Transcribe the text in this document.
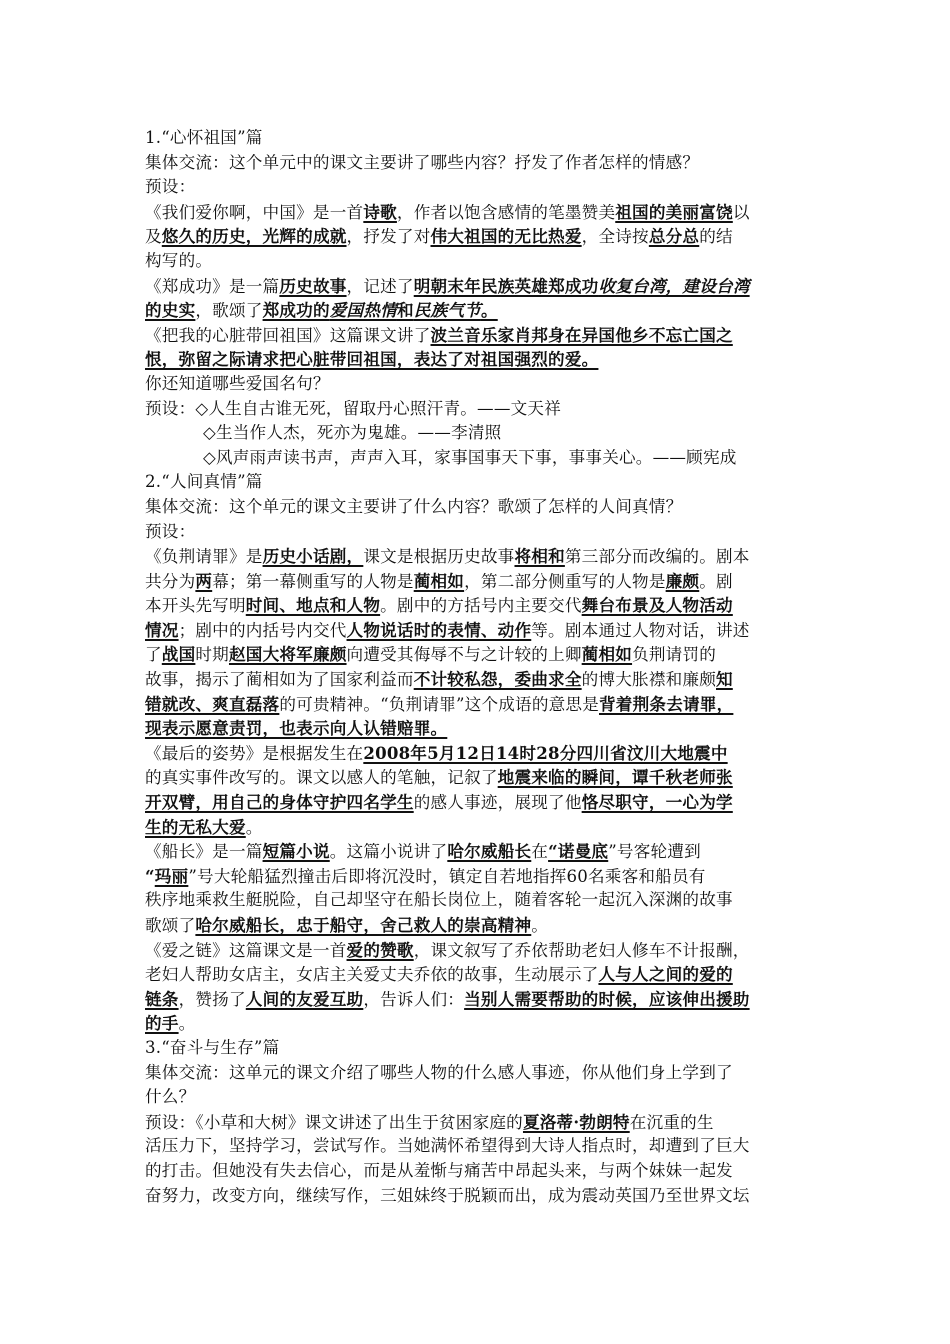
1.“心怀祖国”篇
集体交流：这个单元中的课文主要讲了哪些内容？抒发了作者怎样的情感？
预设：
《我们爱你啊，中国》是一首诗歌，作者以饱含感情的笔墨赞美祖国的美丽富饶以
及悠久的历史，光辉的成就，抒发了对伟大祖国的无比热爱，全诗按总分总的结
构写的。
《郑成功》是一篇历史故事，记述了明朝末年民族英雄郑成功收复台湾，建设台湾
的史实，歌颂了郑成功的爱国热情和民族气节。
《把我的心脏带回祖国》这篇课文讲了波兰音乐家肖邦身在异国他乡不忘亡国之
恨，弥留之际请求把心脏带回祖国，表达了对祖国强烈的爱。
你还知道哪些爱国名句？
预设：◇人生自古谁无死，留取丹心照汗青。——文天祥
◇生当作人杰，死亦为鬼雄。——李清照
◇风声雨声读书声，声声入耳，家事国事天下事，事事关心。——顾宪成
2.“人间真情”篇
集体交流：这个单元的课文主要讲了什么内容？歌颂了怎样的人间真情？
预设：
《负荆请罪》是历史小话剧，课文是根据历史故事将相和第三部分而改编的。剧本
共分为两幕；第一幕侧重写的人物是蔺相如，第二部分侧重写的人物是廉颇。剧
本开头先写明时间、地点和人物。剧中的方括号内主要交代舞台布景及人物活动
情况；剧中的内括号内交代人物说话时的表情、动作等。剧本通过人物对话，讲述
了战国时期赵国大将军廉颇向遭受其侮辱不与之计较的上卿蔺相如负荆请罚的
故事，揭示了蔺相如为了国家利益而不计较私怨，委曲求全的博大胀襟和廉颇知
错就改、爽直磊落的可贵精神。“负荆请罪”这个成语的意思是背着荆条去请罪，
现表示愿意责罚，也表示向人认错赔罪。
《最后的姿势》是根据发生在2008年5月12日14时28分四川省汶川大地震中
的真实事件改写的。课文以感人的笔触，记叙了地震来临的瞬间，谭千秋老师张
开双臂，用自己的身体守护四名学生的感人事迹，展现了他恪尽职守，一心为学
生的无私大爱。
《船长》是一篇短篇小说。这篇小说讲了哈尔威船长在“诺曼底”号客轮遭到
“玛丽”号大轮船猛烈撞击后即将沉没时，镇定自若地指挥60名乘客和船员有
秩序地乘救生艇脱险，自己却坚守在船长岗位上，随着客轮一起沉入深渊的故事
歌颂了哈尔威船长，忠于船守，舍己救人的崇高精神。
《爱之链》这篇课文是一首爱的赞歌，课文叙写了乔依帮助老妇人修车不计报酬，
老妇人帮助女店主，女店主关爱丈夫乔依的故事，生动展示了人与人之间的爱的
链条，赞扬了人间的友爱互助，告诉人们：当别人需要帮助的时候，应该伸出援助
的手。
3.“奋斗与生存”篇
集体交流：这单元的课文介绍了哪些人物的什么感人事迹，你从他们身上学到了
什么？
预设：《小草和大树》课文讲述了出生于贫困家庭的夏洛蒂·勃朗特在沉重的生
活压力下，坚持学习，尝试写作。当她满怀希望得到大诗人指点时，却遭到了巨大
的打击。但她没有失去信心，而是从羞惭与痛苦中昂起头来，与两个妹妹一起发
奋努力，改变方向，继续写作，三姐妹终于脱颖而出，成为震动英国乃至世界文坛
